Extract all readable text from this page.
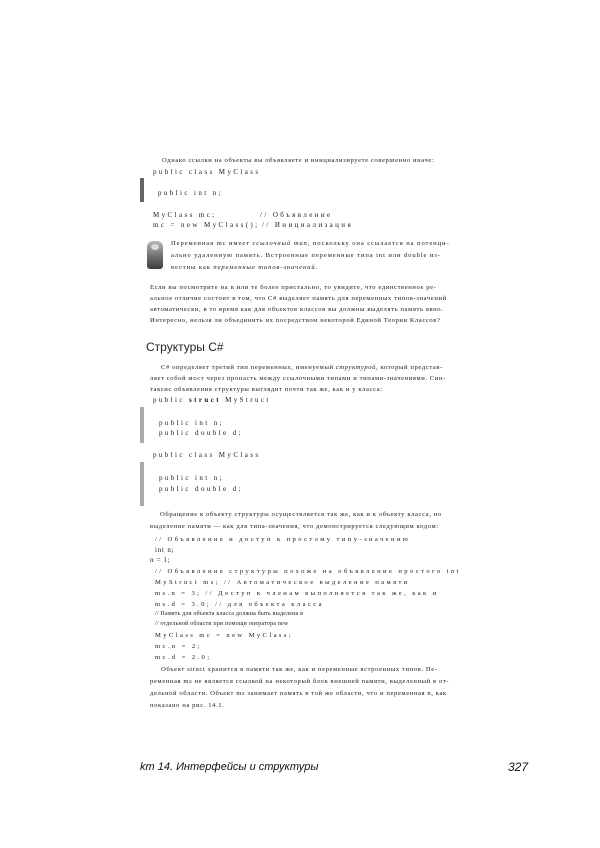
Однако ссылки на объекты вы объявляете и инициализируете совершенно иначе:
public class MyClass
public int n;
MyClass mc;	// Объявление
mc = new MyClass(); // Инициализация
Переменная mc имеет ссылочный тип, поскольку она ссылается на потенци-
ально удаленную память. Встроенные переменные типа int или double из-
вестны как переменные типов-значений.
Если вы посмотрите на n или те более пристально, то увидите, что единственное ре-
альное отличие состоит в том, что C# выделяет память для переменных типов-значений
автоматически, в то время как для объектов классов вы должны выделять память явно.
Интересно, нельзя ли объединить их посредством некоторой Единой Теории Классов?
Структуры C#
C# определяет третий тип переменных, именуемый структурой, который представ-
ляет собой мост через пропасть между ссылочными типами и типами-значениями. Син-
таксис объявления структуры выглядит почти так же, как и у класса:
public struct MyStruct
public int n;
public double d;
public class MyClass
public int n;
public double d;
Обращение к объекту структуры осуществляется так же, как и к объекту класса, но
выделение памяти — как для типа-значения, что демонстрируется следующим кодом:
// Объявление и доступ к простому типу-значению
int n;
n = 1;
// Объявление структуры похоже на объявление простого int
MyStruct ms; // Автоматическое выделение памяти
ms.n = 3; // Доступ к членам выполняется так же, как и
ms.d = 3.0; // для объекта класса
// Память для объекта класса должна быть выделена в
// отдельной области при помощи оператора new
MyClass mc = new MyClass;
mc.n = 2;
mc.d = 2.0;
Объект struct хранится в памяти так же, как и переменные встроенных типов. Пе-
ременная ms не является ссылкой на некоторый блок внешней памяти, выделенный в от-
дельной области. Объект ms занимает память в той же области, что и переменная n, как
показано на рис. 14.1.
km 14. Интерфейсы и структуры	327
